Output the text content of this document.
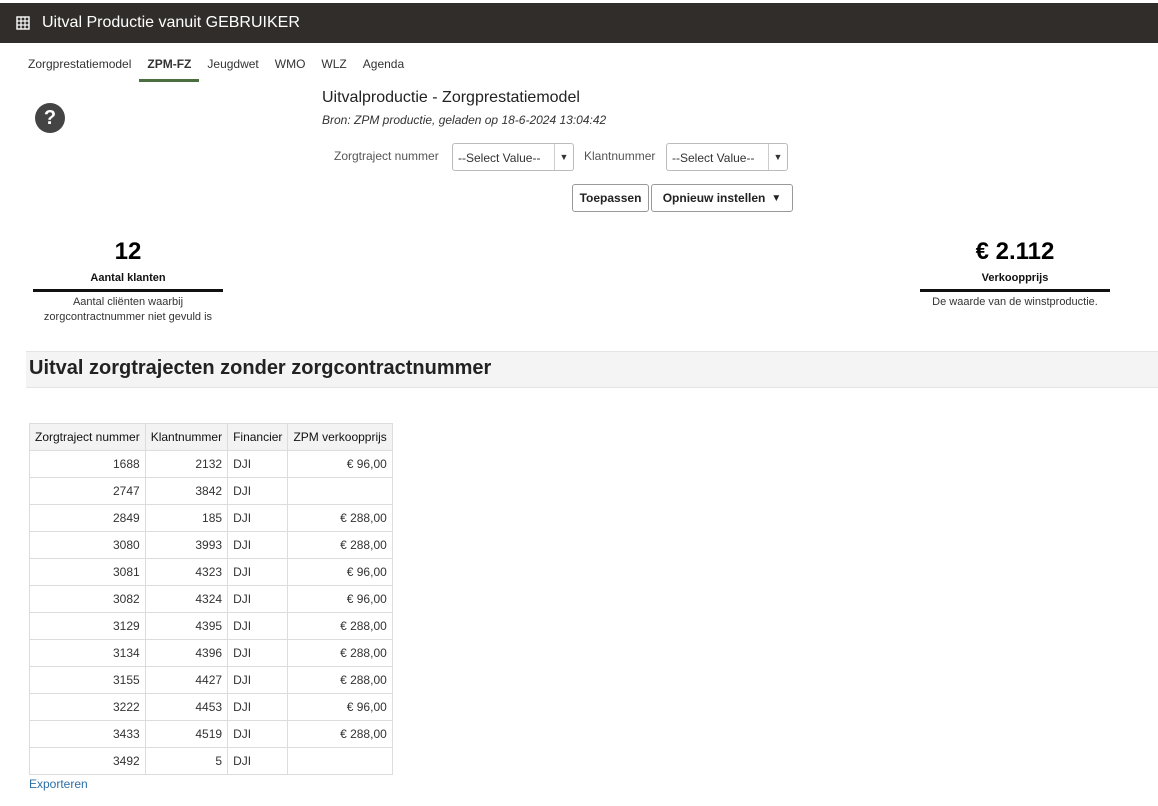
Uitval Productie vanuit GEBRUIKER
Zorgprestatiemodel	ZPM-FZ	Jeugdwet	WMO	WLZ	Agenda
?
Uitvalproductie - Zorgprestatiemodel
Bron: ZPM productie, geladen op 18-6-2024 13:04:42
Zorgtraject nummer --Select Value--	▼	Klantnummer --Select Value--	▼
Toepassen	Opnieuw instellen ▼
12
Aantal klanten
Aantal cliënten waarbij zorgcontractnummer niet gevuld is
€ 2.112
Verkoopprijs
De waarde van de winstproductie.
Uitval zorgtrajecten zonder zorgcontractnummer
Zorgtraject nummer	Klantnummer	Financier	ZPM verkoopprijs
1688	2132	DJI	€ 96,00
2747	3842	DJI	
2849	185	DJI	€ 288,00
3080	3993	DJI	€ 288,00
3081	4323	DJI	€ 96,00
3082	4324	DJI	€ 96,00
3129	4395	DJI	€ 288,00
3134	4396	DJI	€ 288,00
3155	4427	DJI	€ 288,00
3222	4453	DJI	€ 96,00
3433	4519	DJI	€ 288,00
3492	5	DJI	
Exporteren
